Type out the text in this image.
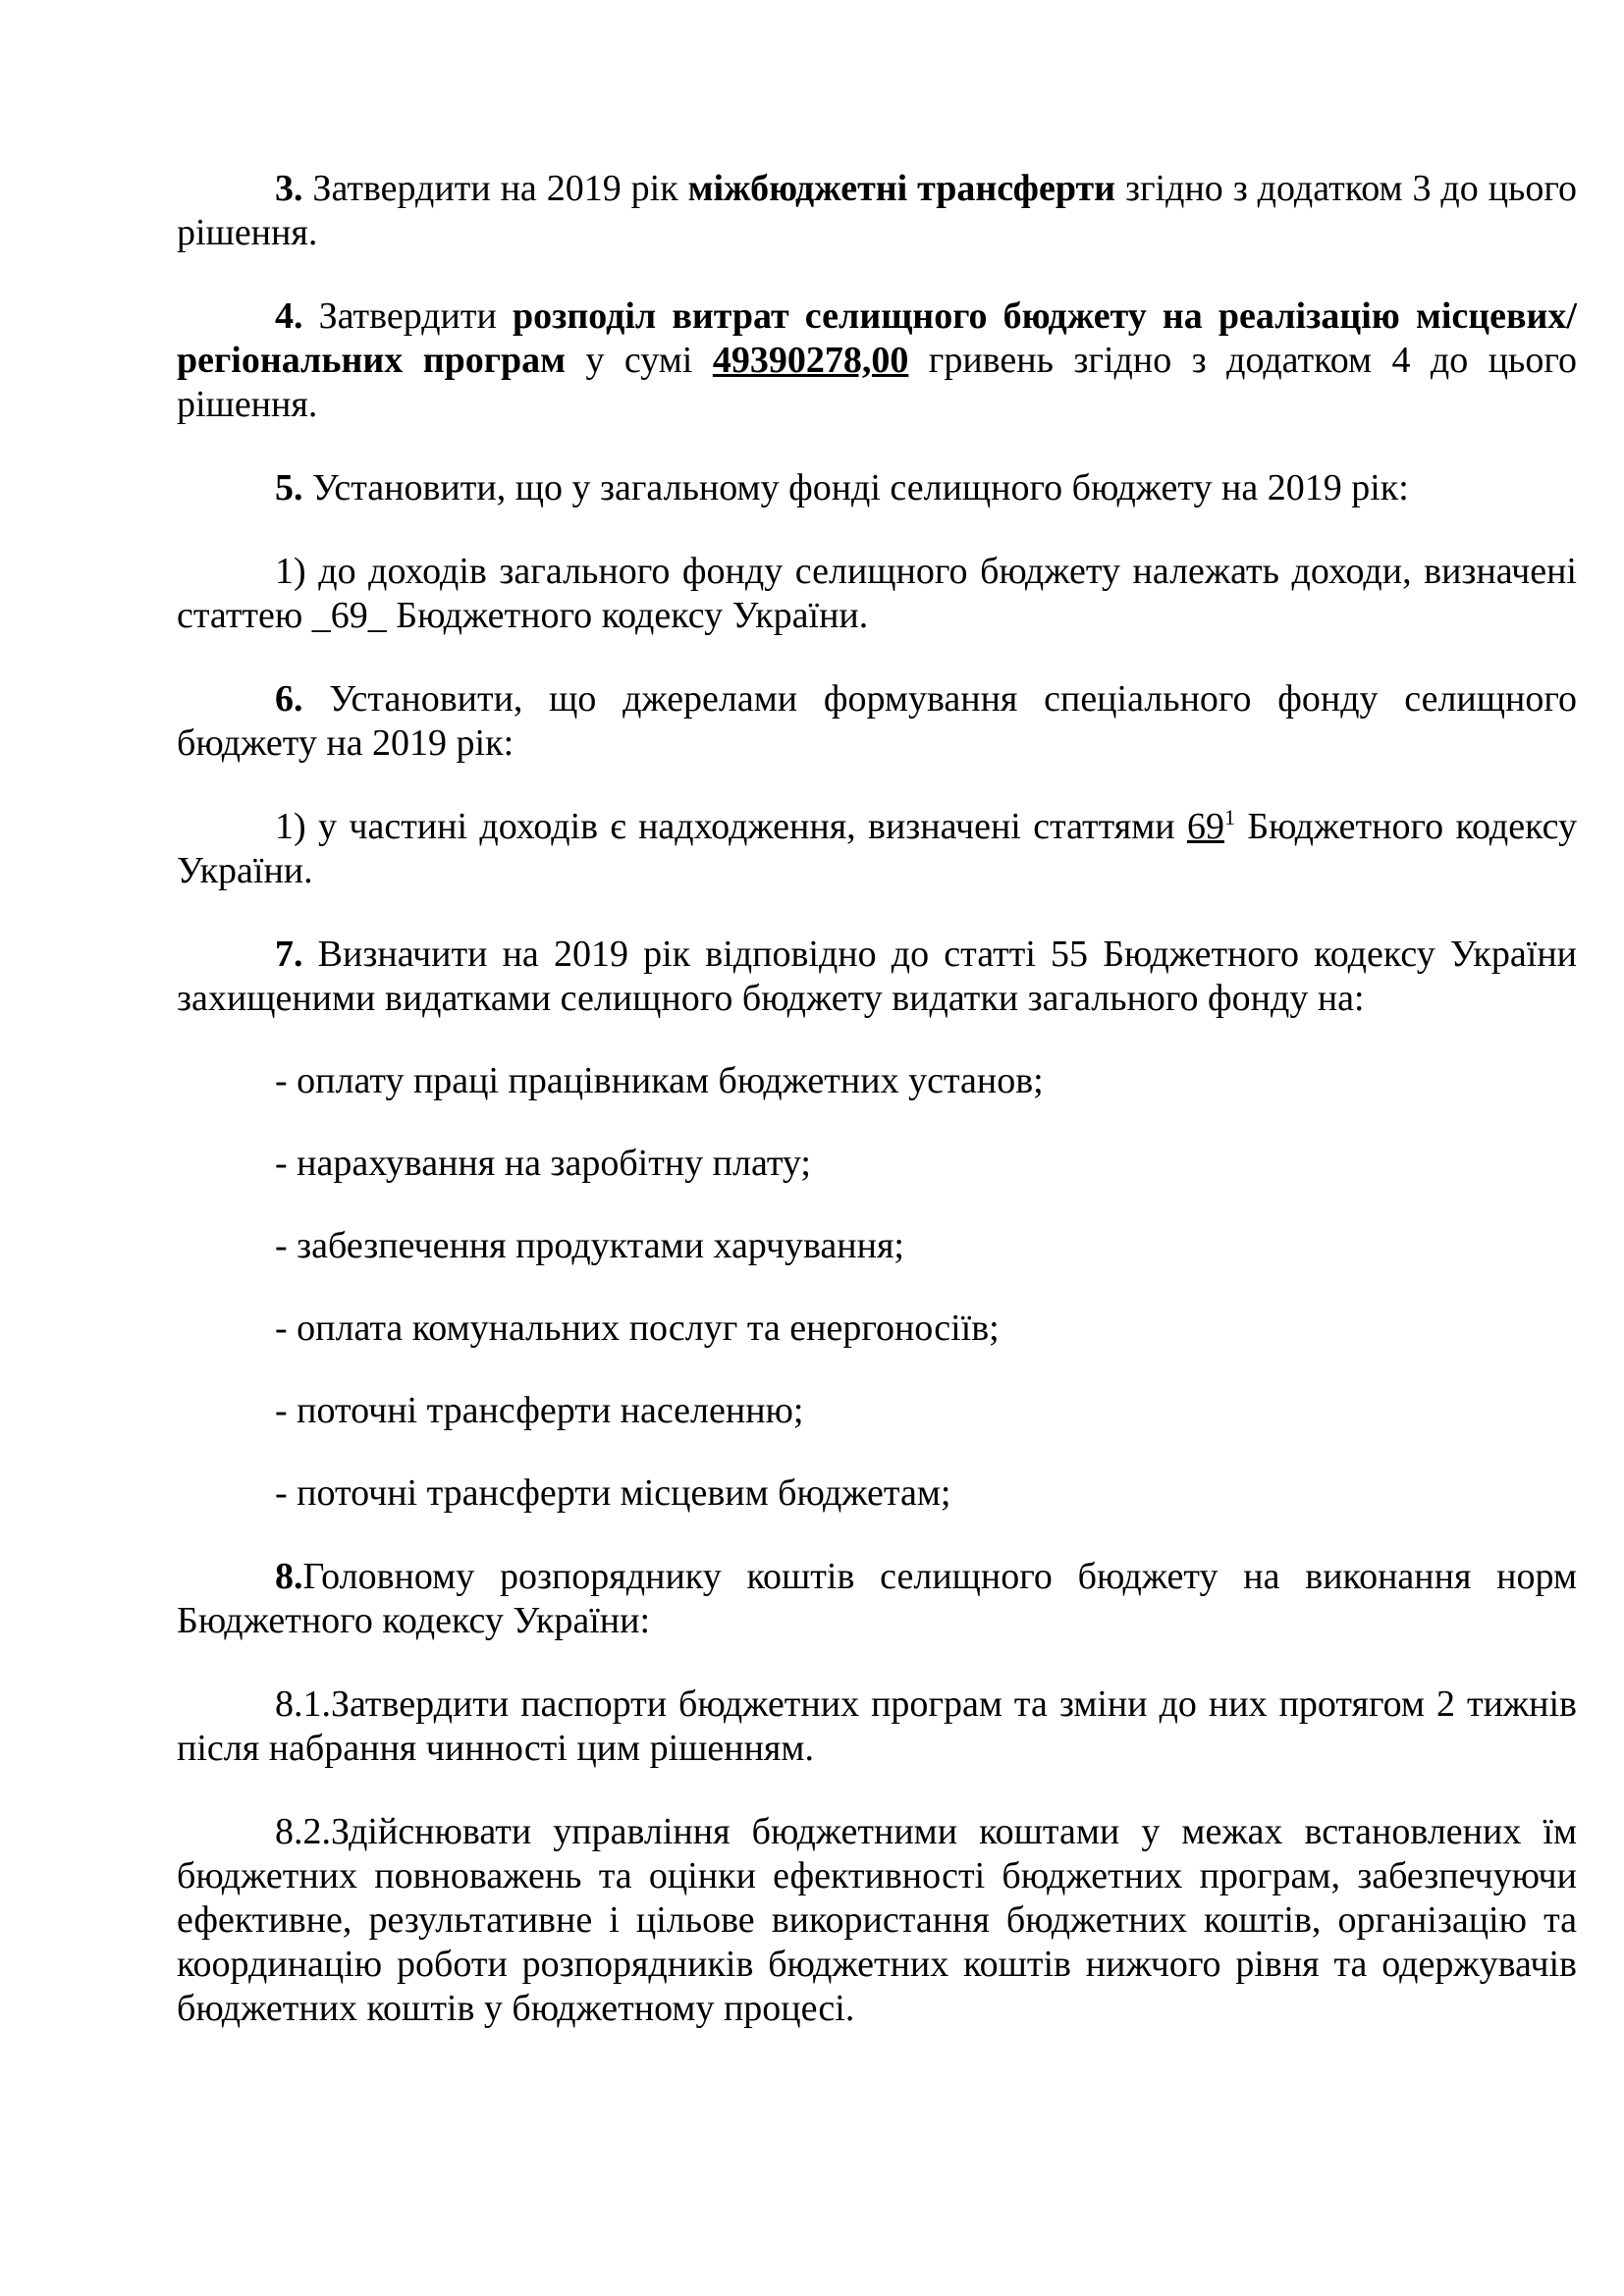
3. Затвердити на 2019 рік міжбюджетні трансферти згідно з додатком 3 до цього рішення.

4. Затвердити розподіл витрат селищного бюджету на реалізацію місцевих/регіональних програм у сумі 49390278,00 гривень згідно з додатком 4 до цього рішення.

5. Установити, що у загальному фонді селищного бюджету на 2019 рік:

1) до доходів загального фонду селищного бюджету належать доходи, визначені статтею _69_ Бюджетного кодексу України.

6. Установити, що джерелами формування спеціального фонду селищного бюджету на 2019 рік:

1) у частині доходів є надходження, визначені статтями $69^1$ Бюджетного кодексу України.

7. Визначити на 2019 рік відповідно до статті 55 Бюджетного кодексу України захищеними видатками селищного бюджету видатки загального фонду на:

- оплату праці працівникам бюджетних установ;

- нарахування на заробітну плату;

- забезпечення продуктами харчування;

- оплата комунальних послуг та енергоносіїв;

- поточні трансферти населенню;

- поточні трансферти місцевим бюджетам;

8.Головному розпоряднику коштів селищного бюджету на виконання норм Бюджетного кодексу України:

8.1.Затвердити паспорти бюджетних програм та зміни до них протягом 2 тижнів після набрання чинності цим рішенням.

8.2.Здійснювати управління бюджетними коштами у межах встановлених їм бюджетних повноважень та оцінки ефективності бюджетних програм, забезпечуючи ефективне, результативне і цільове використання бюджетних коштів, організацію та координацію роботи розпорядників бюджетних коштів нижчого рівня та одержувачів бюджетних коштів у бюджетному процесі.
